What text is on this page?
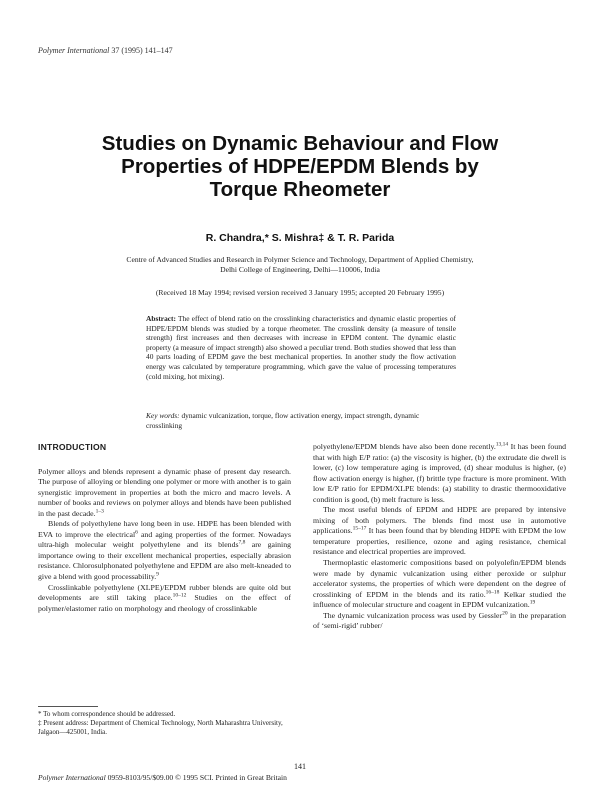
Polymer International 37 (1995) 141–147
Studies on Dynamic Behaviour and Flow
Properties of HDPE/EPDM Blends by
Torque Rheometer
R. Chandra,* S. Mishra‡ & T. R. Parida
Centre of Advanced Studies and Research in Polymer Science and Technology, Department of Applied Chemistry,
Delhi College of Engineering, Delhi—110006, India
(Received 18 May 1994; revised version received 3 January 1995; accepted 20 February 1995)

Abstract: The effect of blend ratio on the crosslinking characteristics and dynamic elastic properties of HDPE/EPDM blends was studied by a torque rheometer. The crosslink density (a measure of tensile strength) first increases and then decreases with increase in EPDM content. The dynamic elastic property (a measure of impact strength) also showed a peculiar trend. Both studies showed that less than 40 parts loading of EPDM gave the best mechanical properties. In another study the flow activation energy was calculated by temperature programming, which gave the value of processing temperatures (cold mixing, hot mixing).

Key words: dynamic vulcanization, torque, flow activation energy, impact strength, dynamic crosslinking

INTRODUCTION

Polymer alloys and blends represent a dynamic phase of present day research. The purpose of alloying or blending one polymer or more with another is to gain synergistic improvement in properties at both the micro and macro levels. A number of books and reviews on polymer alloys and blends have been published in the past decade.$^{1-3}$

Blends of polyethylene have long been in use. HDPE has been blended with EVA to improve the electrical$^6$ and aging properties of the former. Nowadays ultra-high molecular weight polyethylene and its blends$^{7,8}$ are gaining importance owing to their excellent mechanical properties, especially abrasion resistance. Chlorosulphonated polyethylene and EPDM are also melt-kneaded to give a blend with good processability.$^9$

Crosslinkable polyethylene (XLPE)/EPDM rubber blends are quite old but developments are still taking place.$^{10-12}$ Studies on the effect of polymer/elastomer ratio on morphology and rheology of crosslinkable

polyethylene/EPDM blends have also been done recently.$^{13,14}$ It has been found that with high E/P ratio: (a) the viscosity is higher, (b) the extrudate die dwell is lower, (c) low temperature aging is improved, (d) shear modulus is higher, (e) flow activation energy is higher, (f) brittle type fracture is more prominent. With low E/P ratio for EPDM/XLPE blends: (a) stability to drastic thermooxidative condition is good, (b) melt fracture is less.

The most useful blends of EPDM and HDPE are prepared by intensive mixing of both polymers. The blends find most use in automotive applications.$^{15-17}$ It has been found that by blending HDPE with EPDM the low temperature properties, resilience, ozone and aging resistance, chemical resistance and electrical properties are improved.

Thermoplastic elastomeric compositions based on polyolefin/EPDM blends were made by dynamic vulcanization using either peroxide or sulphur accelerator systems, the properties of which were dependent on the degree of crosslinking of EPDM in the blends and its ratio.$^{16-18}$ Kelkar studied the influence of molecular structure and coagent in EPDM vulcanization.$^{19}$

The dynamic vulcanization process was used by Gessler$^{20}$ in the preparation of ‘semi-rigid’ rubber/

* To whom correspondence should be addressed.

‡ Present address: Department of Chemical Technology, North Maharashtra University, Jalgaon—425001, India.

141
Polymer International 0959-8103/95/$09.00 © 1995 SCI. Printed in Great Britain
